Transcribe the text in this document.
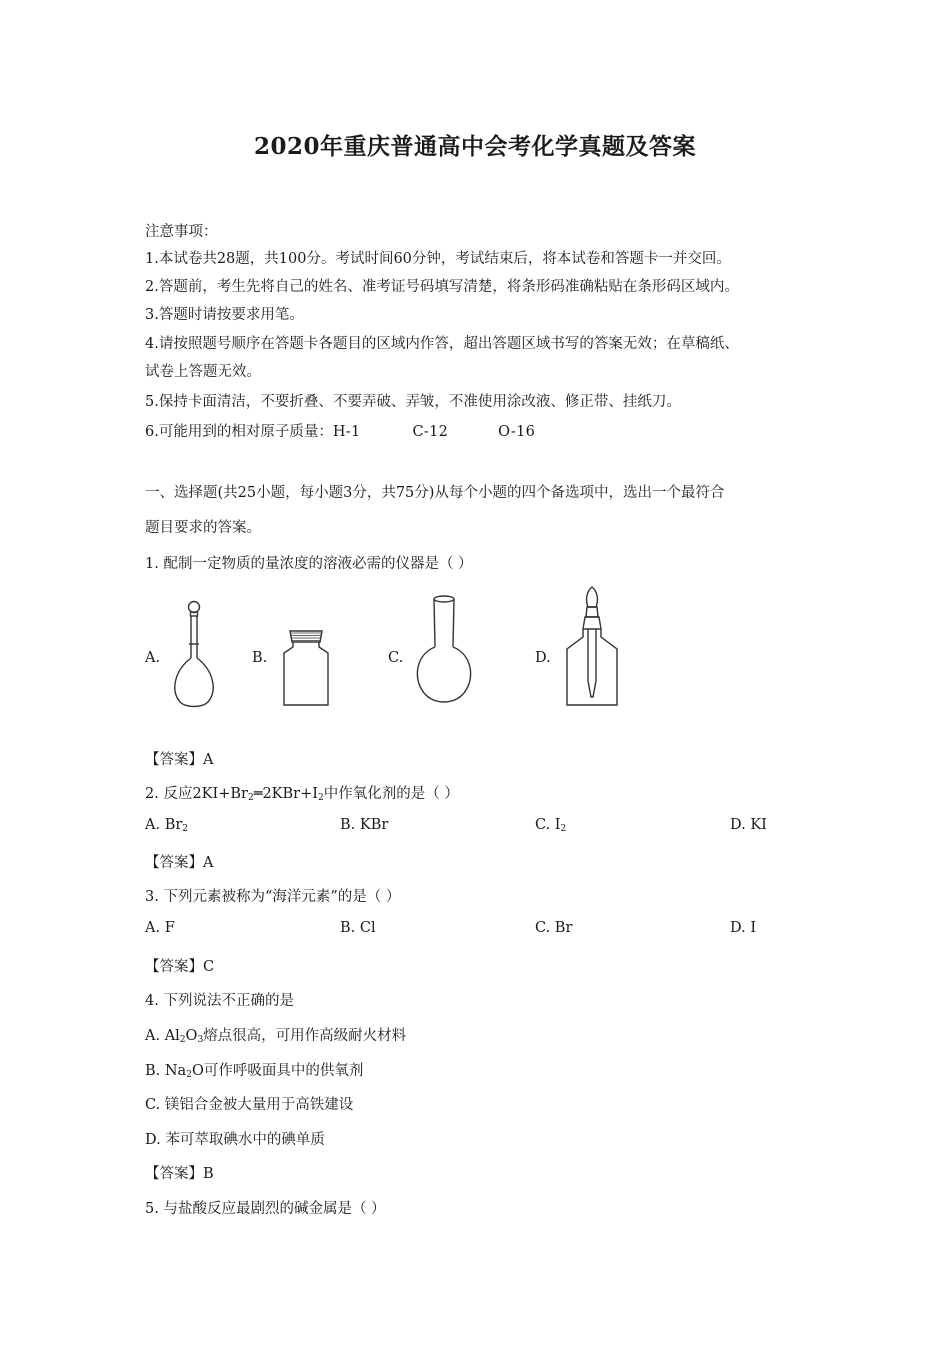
2020年重庆普通高中会考化学真题及答案
注意事项：
1.本试卷共28题，共100分。考试时间60分钟，考试结束后，将本试卷和答题卡一并交回。
2.答题前，考生先将自己的姓名、准考证号码填写清楚，将条形码准确粘贴在条形码区域内。
3.答题时请按要求用笔。
4.请按照题号顺序在答题卡各题目的区域内作答，超出答题区域书写的答案无效；在草稿纸、
试卷上答题无效。
5.保持卡面清洁，不要折叠、不要弄破、弄皱，不准使用涂改液、修正带、挂纸刀。
6.可能用到的相对原子质量：H-1	C-12	O-16
一、选择题(共25小题，每小题3分，共75分)从每个小题的四个备选项中，选出一个最符合
题目要求的答案。
1. 配制一定物质的量浓度的溶液必需的仪器是（ ）
A.	B.	C.	D.
【答案】A
2. 反应$2KI+Br_2═2KBr+I_2$中作氧化剂的是（ ）
A. $Br_2$	B. KBr	C. $I_2$	D. KI
【答案】A
3. 下列元素被称为“海洋元素”的是（ ）
A. F	B. Cl	C. Br	D. I
【答案】C
4. 下列说法不正确的是
A. $Al_2O_3$熔点很高，可用作高级耐火材料
B. $Na_2O$可作呼吸面具中的供氧剂
C. 镁铝合金被大量用于高铁建设
D. 苯可萃取碘水中的碘单质
【答案】B
5. 与盐酸反应最剧烈的碱金属是（ ）
